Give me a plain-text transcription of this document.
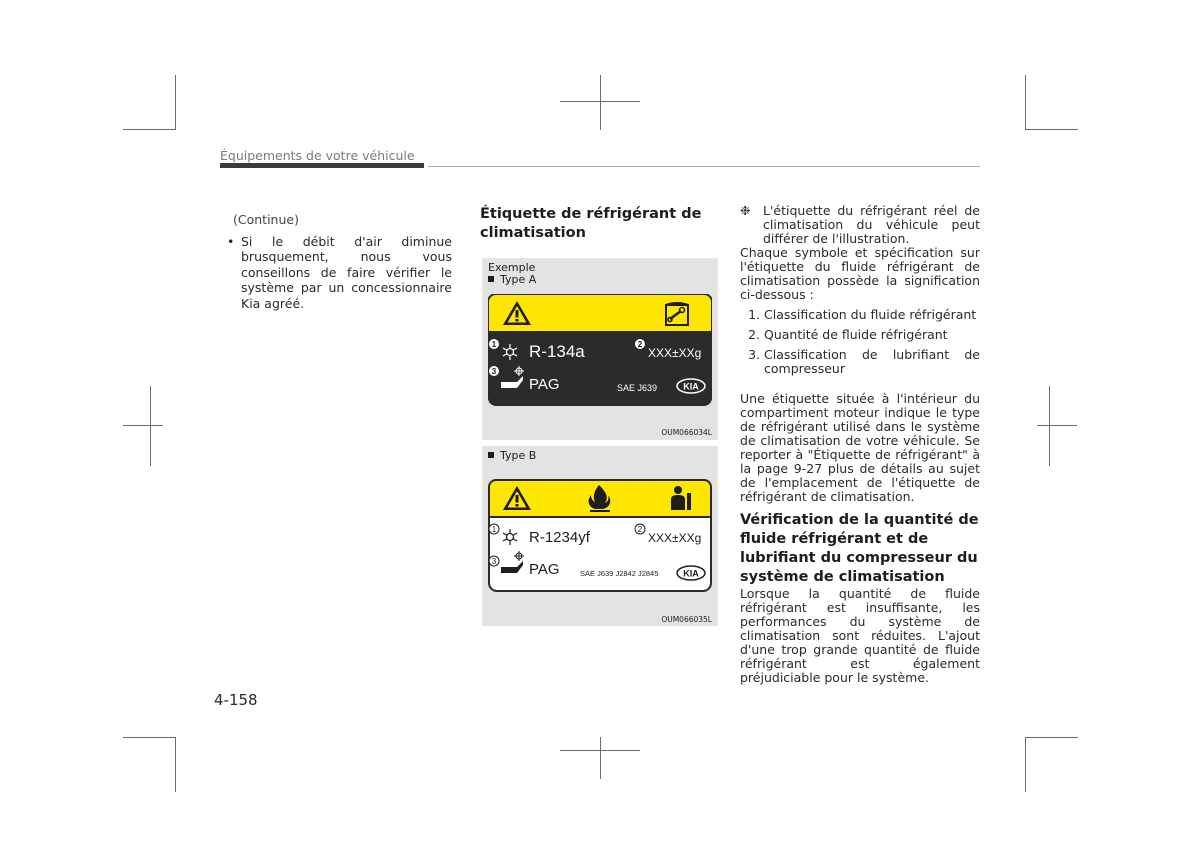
Équipements de votre véhicule
(Continue)
• Si le débit d'air diminue brusquement, nous vous conseillons de faire vérifier le système par un concessionnaire Kia agréé.
Étiquette de réfrigérant de climatisation
Exemple
Type A
1	2
3
R-134a	XXX±XXg
PAG	SAE J639	KIA
OUM066034L
Type B
1	2
3
R-1234yf	XXX±XXg
PAG	SAE J639 J2842 J2845	KIA
OUM066035L
❉	L'étiquette du réfrigérant réel de climatisation du véhicule peut différer de l'illustration.

Chaque symbole et spécification sur l'étiquette du fluide réfrigérant de climatisation possède la signification ci-dessous :

1. Classification du fluide réfrigérant
2. Quantité de fluide réfrigérant
3. Classification de lubrifiant de compresseur

Une étiquette située à l'intérieur du compartiment moteur indique le type de réfrigérant utilisé dans le système de climatisation de votre véhicule. Se reporter à "Étiquette de réfrigérant" à la page 9-27 plus de détails au sujet de l'emplacement de l'étiquette de réfrigérant de climatisation.

Vérification de la quantité de fluide réfrigérant et de lubrifiant du compresseur du système de climatisation

Lorsque la quantité de fluide réfrigérant est insuffisante, les performances du système de climatisation sont réduites. L'ajout d'une trop grande quantité de fluide réfrigérant est également préjudiciable pour le système.

4-158
